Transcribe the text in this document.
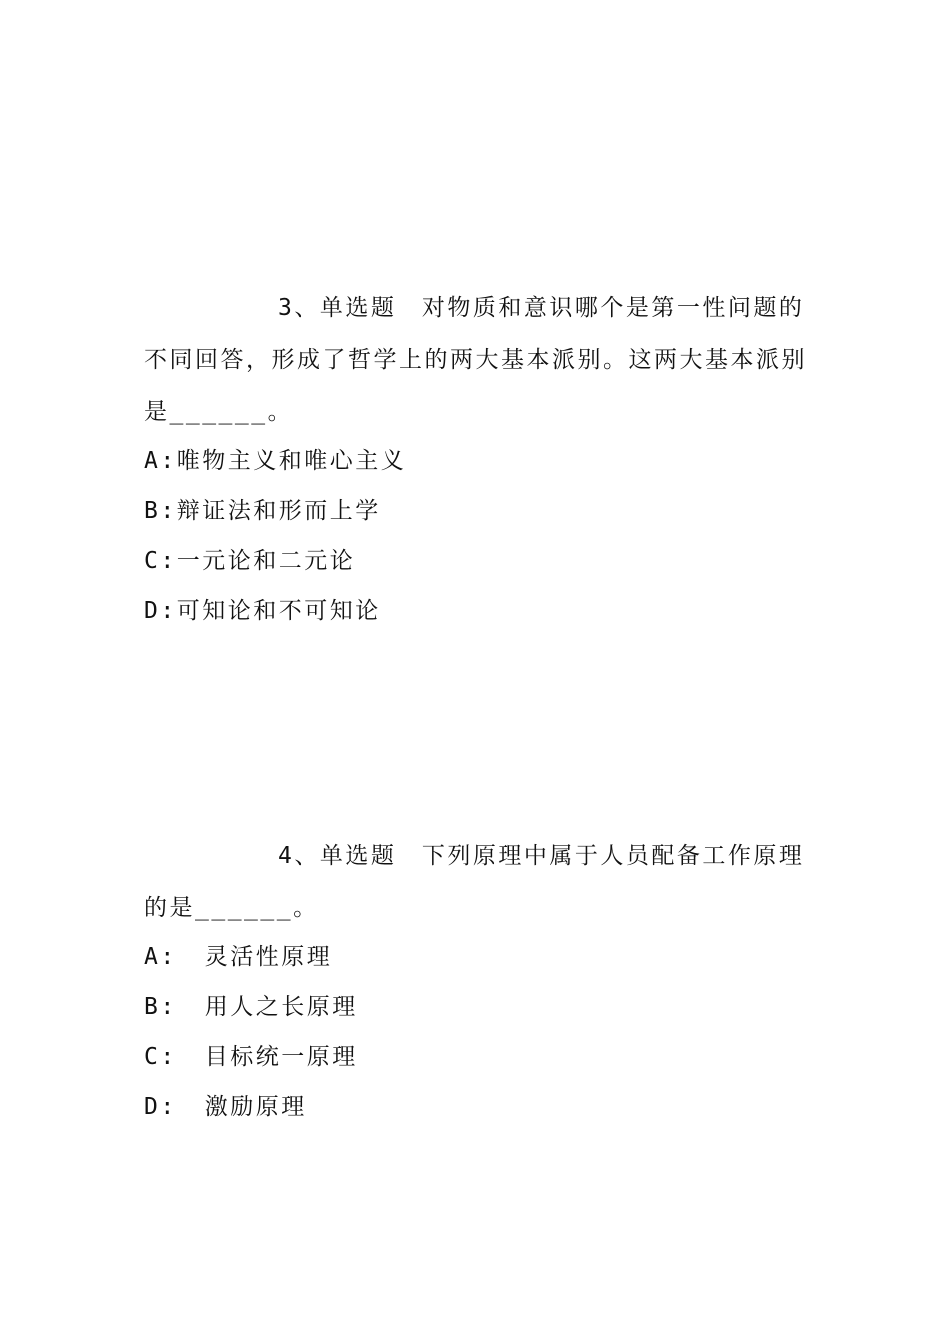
3、单选题　 对物质和意识哪个是第一性问题的不同回答，形成了哲学上的两大基本派别。这两大基本派别是______。

A:唯物主义和唯心主义
B:辩证法和形而上学
C:一元论和二元论
D:可知论和不可知论

4、单选题　 下列原理中属于人员配备工作原理的是______。

A: 灵活性原理
B: 用人之长原理
C: 目标统一原理
D: 激励原理
